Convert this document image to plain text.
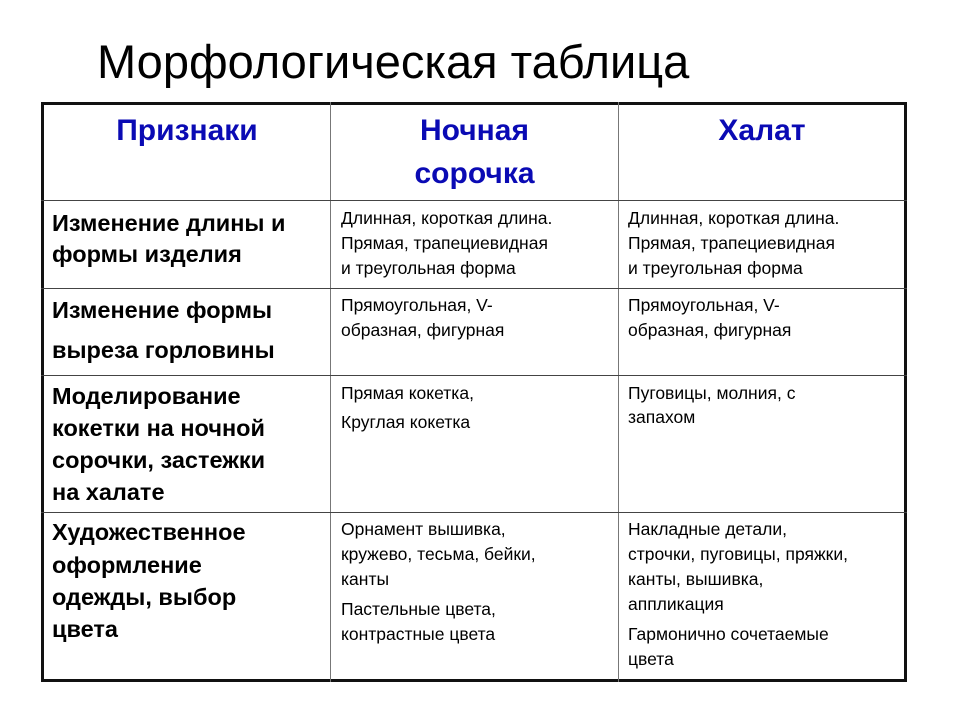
Морфологическая таблица
Признаки	Ночная
сорочка
Халат
Изменение длины и
формы изделия
Длинная, короткая длина.
Прямая, трапециевидная
и треугольная форма
Длинная, короткая длина.
Прямая, трапециевидная
и треугольная форма
Изменение формы
выреза горловины
Прямоугольная, V-
образная, фигурная
Прямоугольная, V-
образная, фигурная
Моделирование
кокетки на ночной
сорочки, застежки
на халате
Прямая кокетка,
Круглая кокетка
Пуговицы, молния, с
запахом
Художественное
оформление
одежды, выбор
цвета
Орнамент вышивка,
кружево, тесьма, бейки,
канты
Пастельные цвета,
контрастные цвета
Накладные детали,
строчки, пуговицы, пряжки,
канты, вышивка,
аппликация
Гармонично сочетаемые
цвета
